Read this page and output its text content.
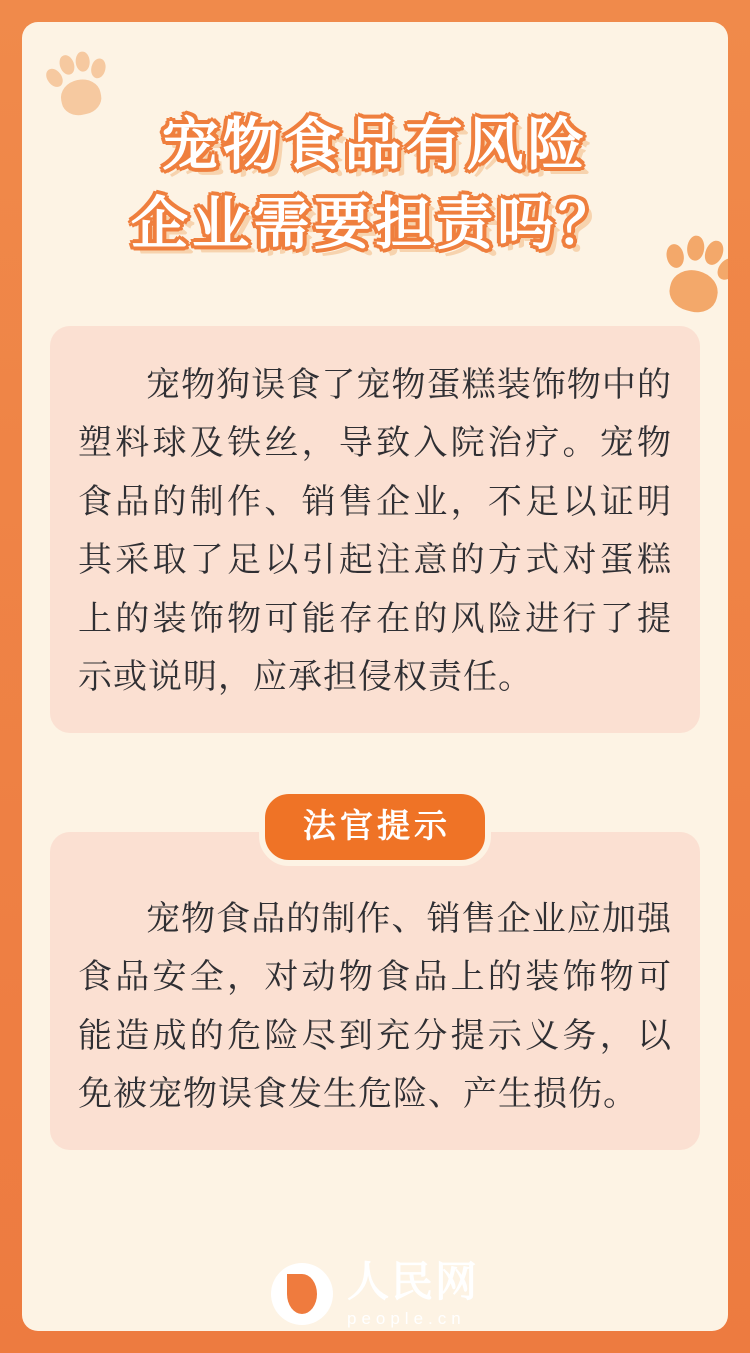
宠物食品有风险
企业需要担责吗？

宠物狗误食了宠物蛋糕装饰物中的塑料球及铁丝，导致入院治疗。宠物食品的制作、销售企业，不足以证明其采取了足以引起注意的方式对蛋糕上的装饰物可能存在的风险进行了提示或说明，应承担侵权责任。

法官提示

宠物食品的制作、销售企业应加强食品安全，对动物食品上的装饰物可能造成的危险尽到充分提示义务，以免被宠物误食发生危险、产生损伤。

人民网
people.cn
